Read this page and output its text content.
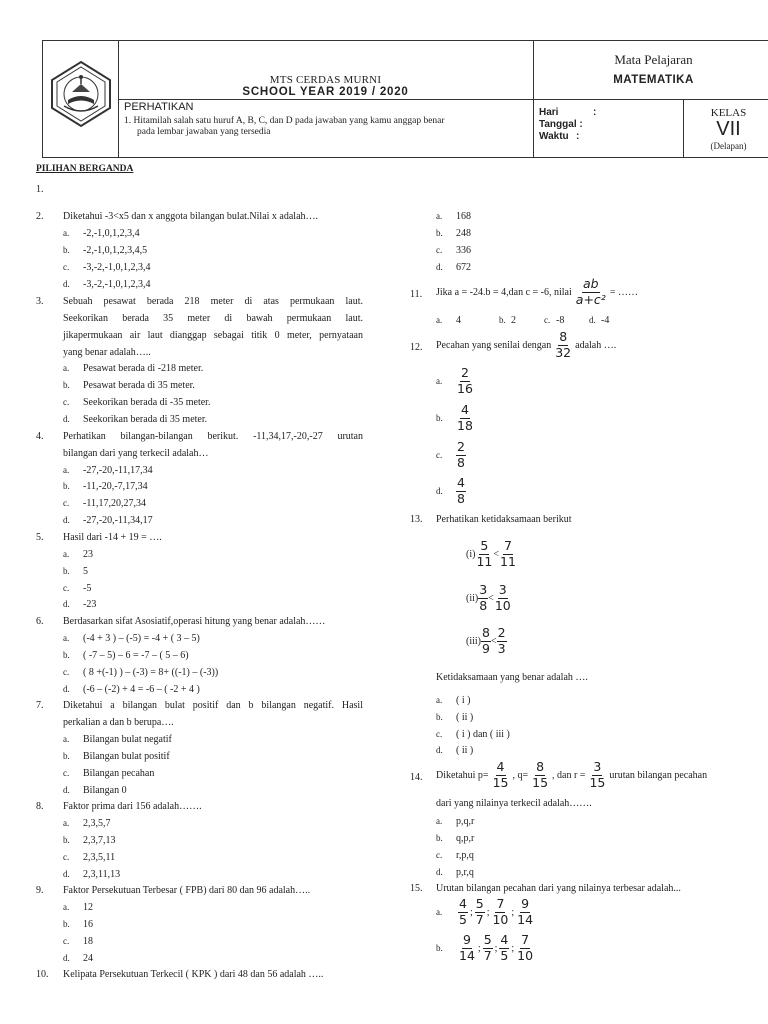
MTS CERDAS MURNI
SCHOOL YEAR 2019 / 2020
PERHATIKAN
1. Hitamilah salah satu huruf A, B, C, dan D pada jawaban yang kamu anggap benar
pada lembar jawaban yang tersedia
Mata Pelajaran
MATEMATIKA
Hari	:
Tanggal :
Waktu :
KELAS
VII
(Delapan)
PILIHAN BERGANDA
1.
2. Diketahui -3<x5 dan x anggota bilangan bulat.Nilai x adalah….
a. -2,-1,0,1,2,3,4
b. -2,-1,0,1,2,3,4,5
c. -3,-2,-1,0,1,2,3,4
d. -3,-2,-1,0,1,2,3,4
3. Sebuah pesawat berada 218 meter di atas permukaan laut.
Seekorikan berada 35 meter di bawah permukaan laut.
jikapermukaan air laut dianggap sebagai titik 0 meter, pernyataan
yang benar adalah…..
a. Pesawat berada di -218 meter.
b. Pesawat berada di 35 meter.
c. Seekorikan berada di -35 meter.
d. Seekorikan berada di 35 meter.
4. Perhatikan bilangan-bilangan berikut. -11,34,17,-20,-27 urutan
bilangan dari yang terkecil adalah…
a. -27,-20,-11,17,34
b. -11,-20,-7,17,34
c. -11,17,20,27,34
d. -27,-20,-11,34,17
5. Hasil dari -14 + 19 = ….
a. 23
b. 5
c. -5
d. -23
6. Berdasarkan sifat Asosiatif,operasi hitung yang benar adalah……
a. (-4 + 3 ) – (-5) = -4 + ( 3 – 5)
b. ( -7 – 5) – 6 = -7 – ( 5 – 6)
c. ( 8 +(-1) ) – (-3) = 8+ ((-1) – (-3))
d. (-6 – (-2) + 4 = -6 – ( -2 + 4 )
7. Diketahui a bilangan bulat positif dan b bilangan negatif. Hasil
perkalian a dan b berupa….
a. Bilangan bulat negatif
b. Bilangan bulat positif
c. Bilangan pecahan
d. Bilangan 0
8. Faktor prima dari 156 adalah…….
a. 2,3,5,7
b. 2,3,7,13
c. 2,3,5,11
d. 2,3,11,13
9. Faktor Persekutuan Terbesar ( FPB) dari 80 dan 96 adalah…..
a. 12
b. 16
c. 18
d. 24
10. Kelipata Persekutuan Terkecil ( KPK ) dari 48 dan 56 adalah …..
a. 168
b. 248
c. 336
d. 672
11. Jika a = -24.b = 4,dan c = -6, nilai $\frac{ab}{\text{a+c²}}$ = ……
a. 4	b. 2	c. -8	d. -4
12. Pecahan yang senilai dengan $\frac{8}{32}$ adalah ….
a.	$\frac{2}{16}$
b.	$\frac{4}{18}$
c.	$\frac{2}{8}$
d.	$\frac{4}{8}$
13. Perhatikan ketidaksamaan berikut
$(i) \frac{5}{11} < \frac{7}{11}$
$(ii) \frac{3}{8} < \frac{3}{10}$
$(iii) \frac{8}{9} < \frac{2}{3}$
Ketidaksamaan yang benar adalah ….
a. ( i )
b. ( ii )
c. ( i ) dan ( iii )
d. ( ii )
14. Diketahui $p= \frac{4}{15}$ , $q= \frac{8}{15}$ , dan $r = \frac{3}{15}$ urutan bilangan pecahan
dari yang nilainya terkecil adalah…….
a. p,q,r
b. q,p,r
c. r,p,q
d. p,r,q
15. Urutan bilangan pecahan dari yang nilainya terbesar adalah...
a.	$\frac{4}{5}$ ; $\frac{5}{7}$ ; $\frac{7}{10}$ ; $\frac{9}{14}$
b.	$\frac{9}{14}$ ; $\frac{5}{7}$ ; $\frac{4}{5}$ ; $\frac{7}{10}$
